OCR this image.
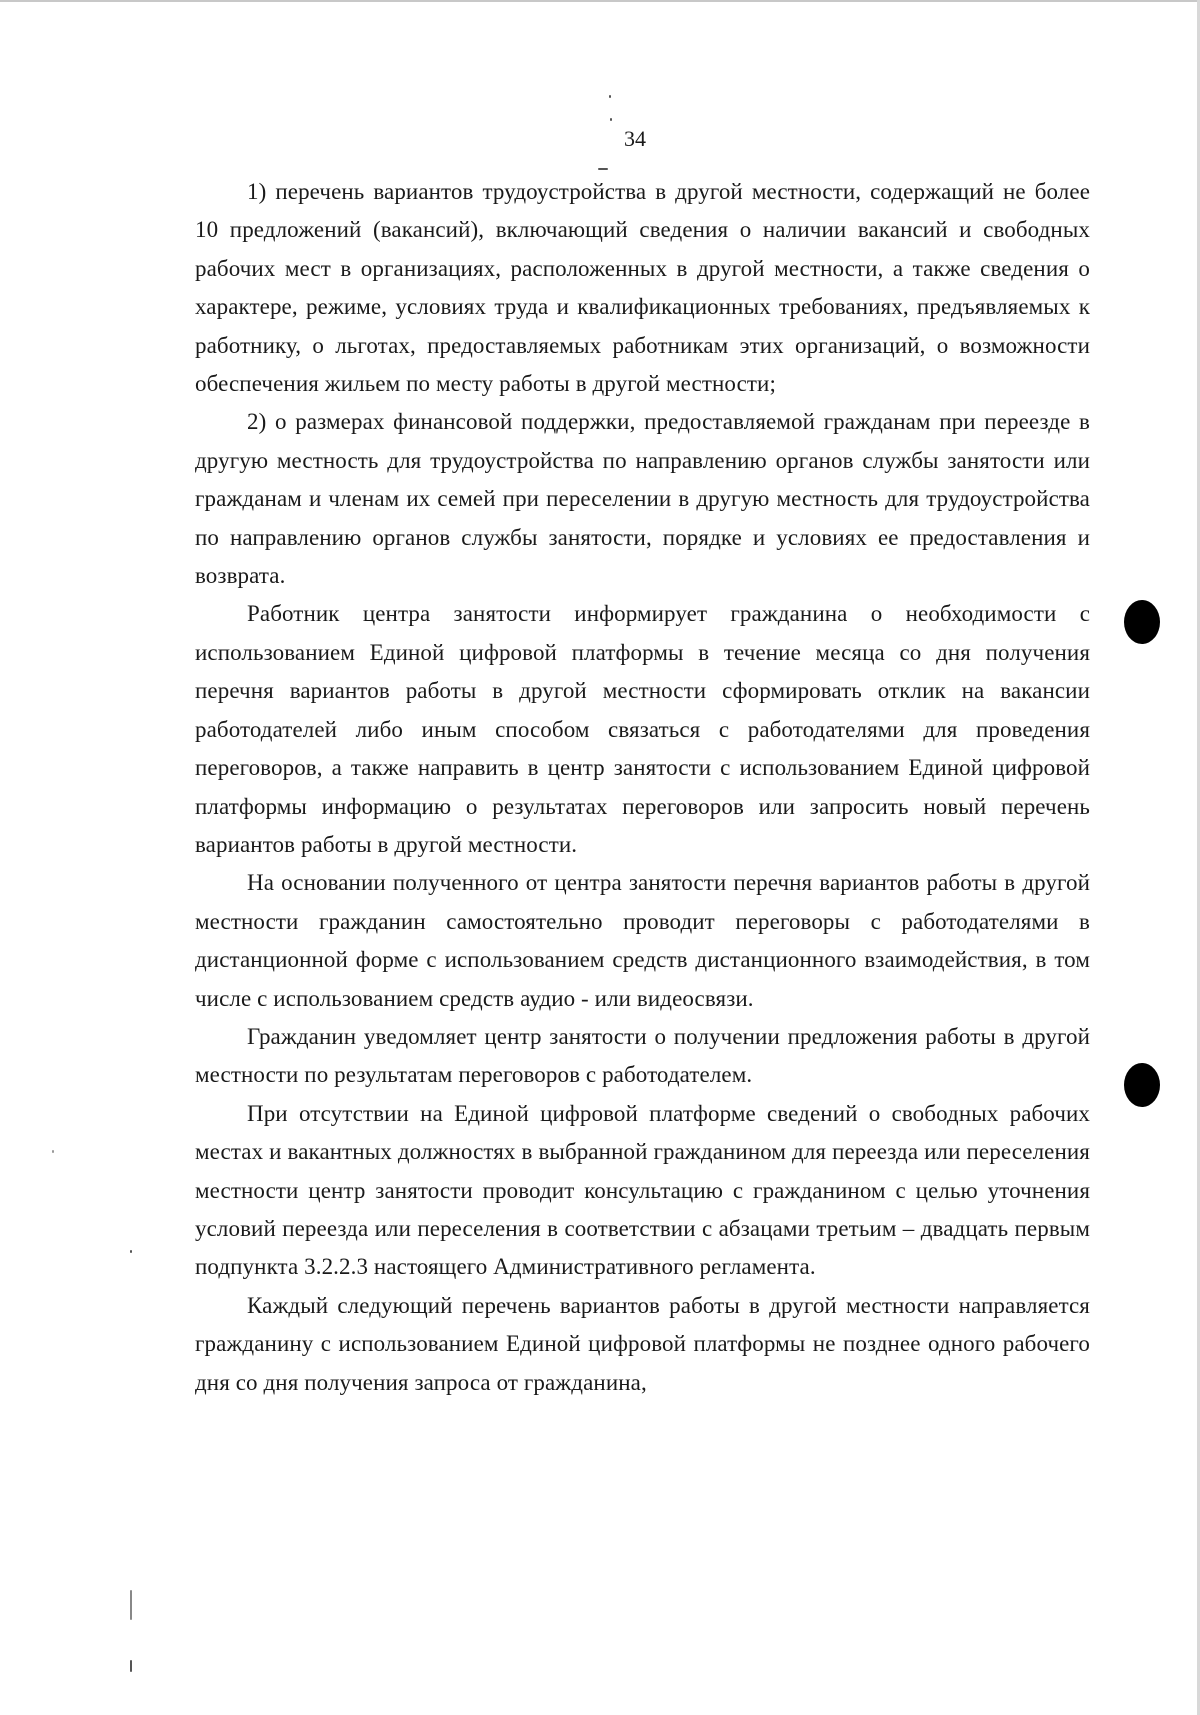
34

1) перечень вариантов трудоустройства в другой местности, содержащий не более 10 предложений (вакансий), включающий сведения о наличии вакансий и свободных рабочих мест в организациях, расположенных в другой местности, а также сведения о характере, режиме, условиях труда и квалификационных требованиях, предъявляемых к работнику, о льготах, предоставляемых работникам этих организаций, о возможности обеспечения жильем по месту работы в другой местности;

2) о размерах финансовой поддержки, предоставляемой гражданам при переезде в другую местность для трудоустройства по направлению органов службы занятости или гражданам и членам их семей при переселении в другую местность для трудоустройства по направлению органов службы занятости, порядке и условиях ее предоставления и возврата.

Работник центра занятости информирует гражданина о необходимости с использованием Единой цифровой платформы в течение месяца со дня получения перечня вариантов работы в другой местности сформировать отклик на вакансии работодателей либо иным способом связаться с работодателями для проведения переговоров, а также направить в центр занятости с использованием Единой цифровой платформы информацию о результатах переговоров или запросить новый перечень вариантов работы в другой местности.

На основании полученного от центра занятости перечня вариантов работы в другой местности гражданин самостоятельно проводит переговоры с работодателями в дистанционной форме с использованием средств дистанционного взаимодействия, в том числе с использованием средств аудио - или видеосвязи.

Гражданин уведомляет центр занятости о получении предложения работы в другой местности по результатам переговоров с работодателем.

При отсутствии на Единой цифровой платформе сведений о свободных рабочих местах и вакантных должностях в выбранной гражданином для переезда или переселения местности центр занятости проводит консультацию с гражданином с целью уточнения условий переезда или переселения в соответствии с абзацами третьим – двадцать первым подпункта 3.2.2.3 настоящего Административного регламента.

Каждый следующий перечень вариантов работы в другой местности направляется гражданину с использованием Единой цифровой платформы не позднее одного рабочего дня со дня получения запроса от гражданина,
